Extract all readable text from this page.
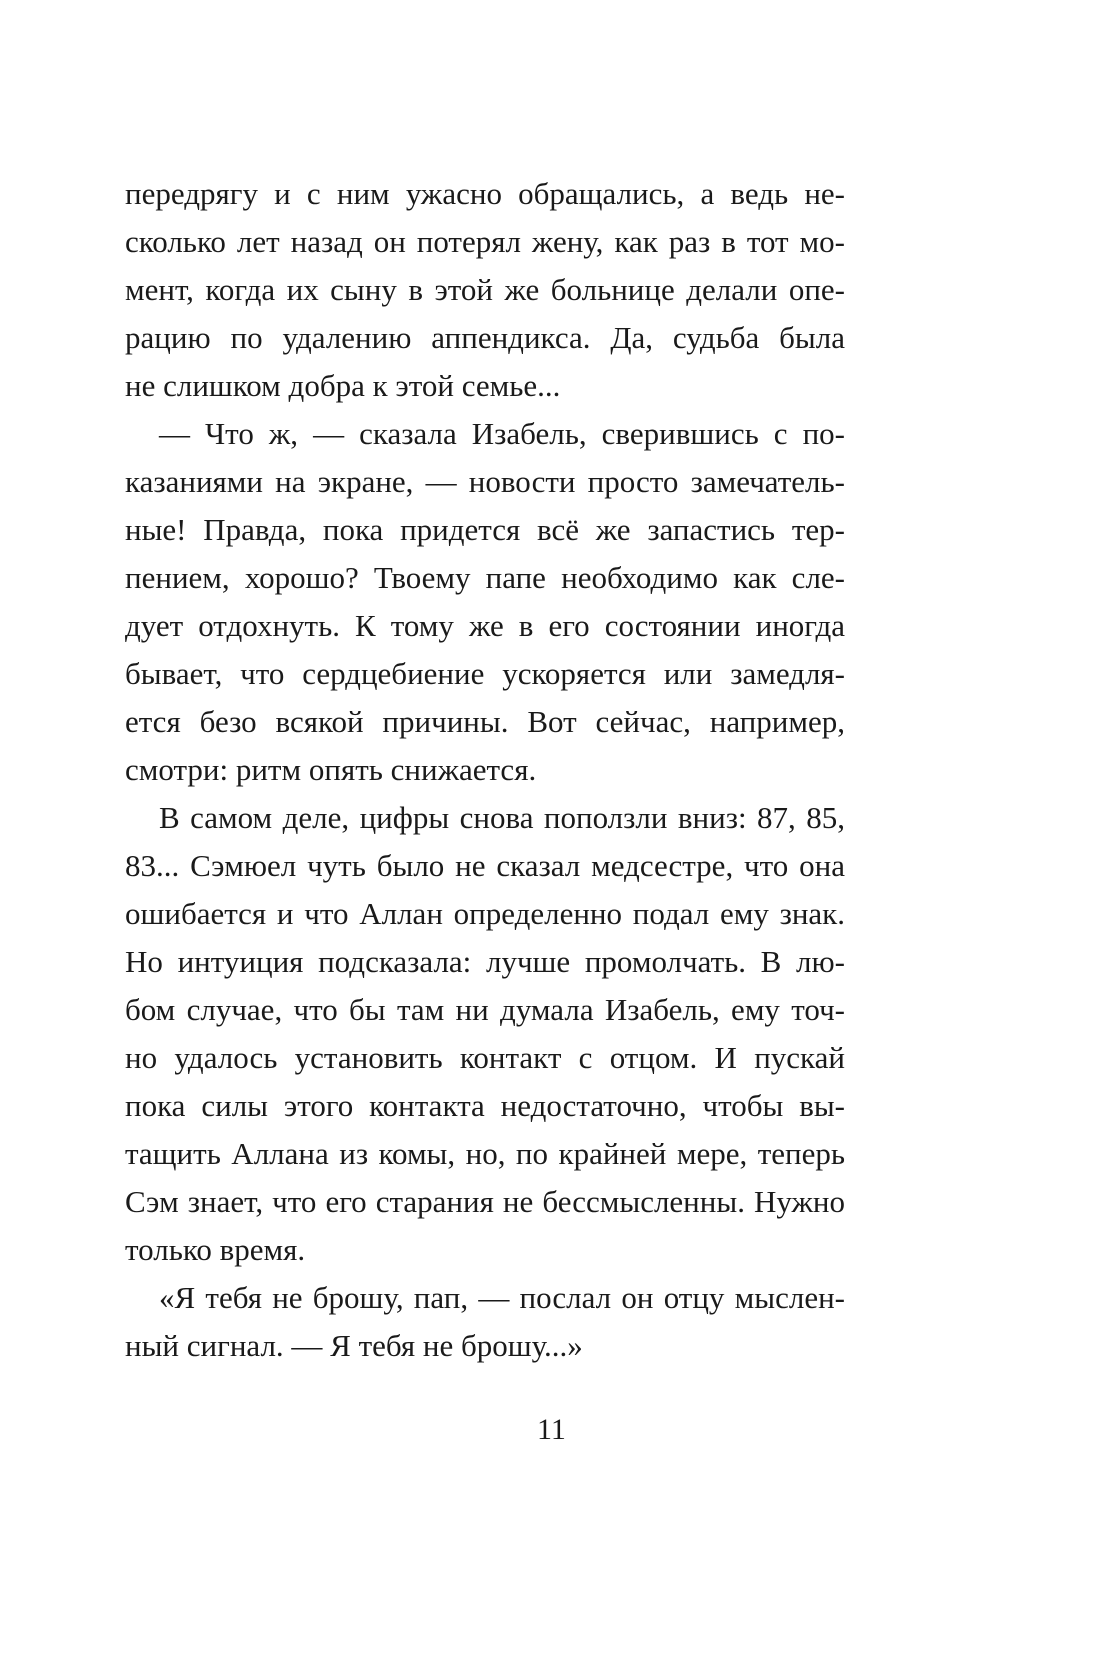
передрягу и с ним ужасно обращались, а ведь не-
сколько лет назад он потерял жену, как раз в тот мо-
мент, когда их сыну в этой же больнице делали опе-
рацию по удалению аппендикса. Да, судьба была
не слишком добра к этой семье...
— Что ж, — сказала Изабель, сверившись с по-
казаниями на экране, — новости просто замечатель-
ные! Правда, пока придется всё же запастись тер-
пением, хорошо? Твоему папе необходимо как сле-
дует отдохнуть. К тому же в его состоянии иногда
бывает, что сердцебиение ускоряется или замедля-
ется безо всякой причины. Вот сейчас, например,
смотри: ритм опять снижается.
В самом деле, цифры снова поползли вниз: 87, 85,
83... Сэмюел чуть было не сказал медсестре, что она
ошибается и что Аллан определенно подал ему знак.
Но интуиция подсказала: лучше промолчать. В лю-
бом случае, что бы там ни думала Изабель, ему точ-
но удалось установить контакт с отцом. И пускай
пока силы этого контакта недостаточно, чтобы вы-
тащить Аллана из комы, но, по крайней мере, теперь
Сэм знает, что его старания не бессмысленны. Нужно
только время.
«Я тебя не брошу, пап, — послал он отцу мыслен-
ный сигнал. — Я тебя не брошу...»
11
